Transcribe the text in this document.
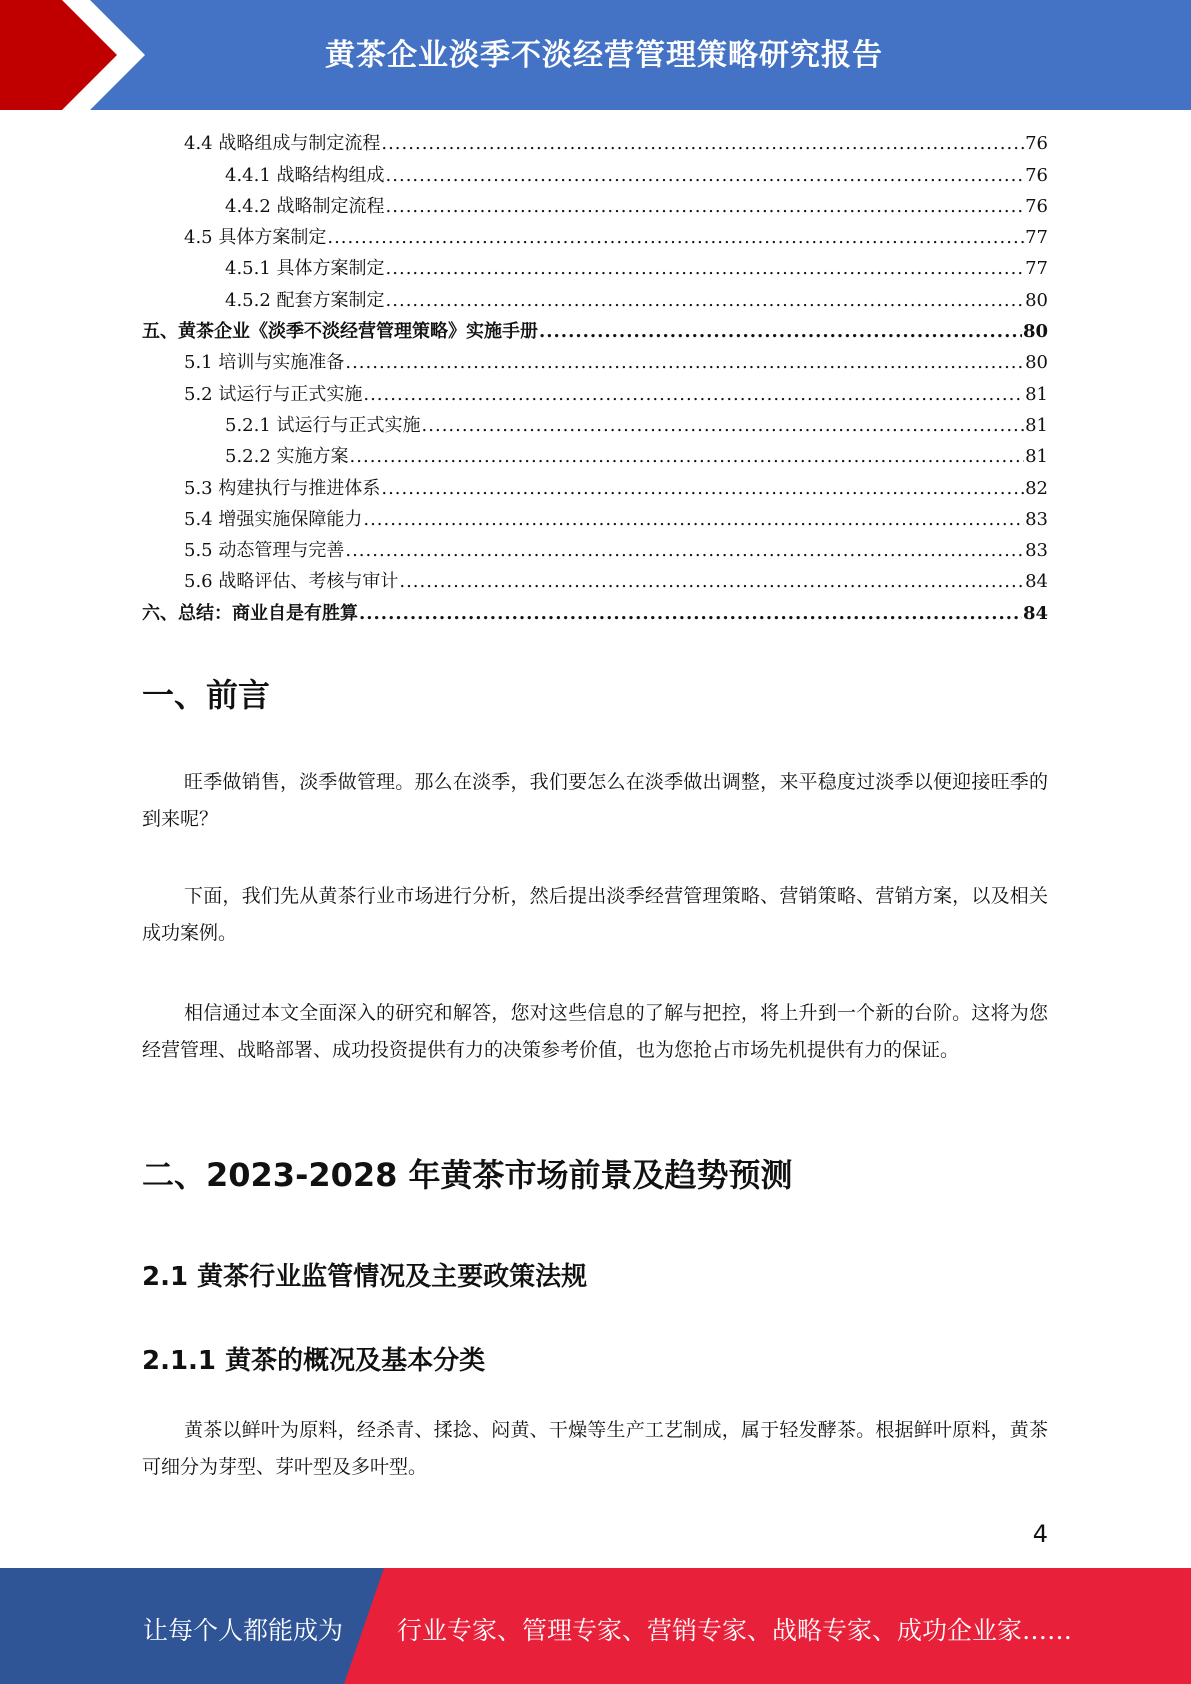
黄茶企业淡季不淡经营管理策略研究报告
4.4 战略组成与制定流程 .....	76
4.4.1 战略结构组成 .....	76
4.4.2 战略制定流程 .....	76
4.5 具体方案制定 .....	77
4.5.1 具体方案制定 .....	77
4.5.2 配套方案制定 .....	80
五、黄茶企业《淡季不淡经营管理策略》实施手册 .....	80
5.1 培训与实施准备 .....	80
5.2 试运行与正式实施 .....	81
5.2.1 试运行与正式实施 .....	81
5.2.2 实施方案 .....	81
5.3 构建执行与推进体系 .....	82
5.4 增强实施保障能力 .....	83
5.5 动态管理与完善 .....	83
5.6 战略评估、考核与审计 .....	84
六、总结：商业自是有胜算 .....	84
一、前言
旺季做销售，淡季做管理。那么在淡季，我们要怎么在淡季做出调整，来平稳度过淡季以便迎接旺季的到来呢？
下面，我们先从黄茶行业市场进行分析，然后提出淡季经营管理策略、营销策略、营销方案，以及相关成功案例。
相信通过本文全面深入的研究和解答，您对这些信息的了解与把控，将上升到一个新的台阶。这将为您经营管理、战略部署、成功投资提供有力的决策参考价值，也为您抢占市场先机提供有力的保证。
二、2023-2028 年黄茶市场前景及趋势预测
2.1 黄茶行业监管情况及主要政策法规
2.1.1 黄茶的概况及基本分类
黄茶以鲜叶为原料，经杀青、揉捻、闷黄、干燥等生产工艺制成，属于轻发酵茶。根据鲜叶原料，黄茶可细分为芽型、芽叶型及多叶型。
4
让每个人都能成为 行业专家、管理专家、营销专家、战略专家、成功企业家……
